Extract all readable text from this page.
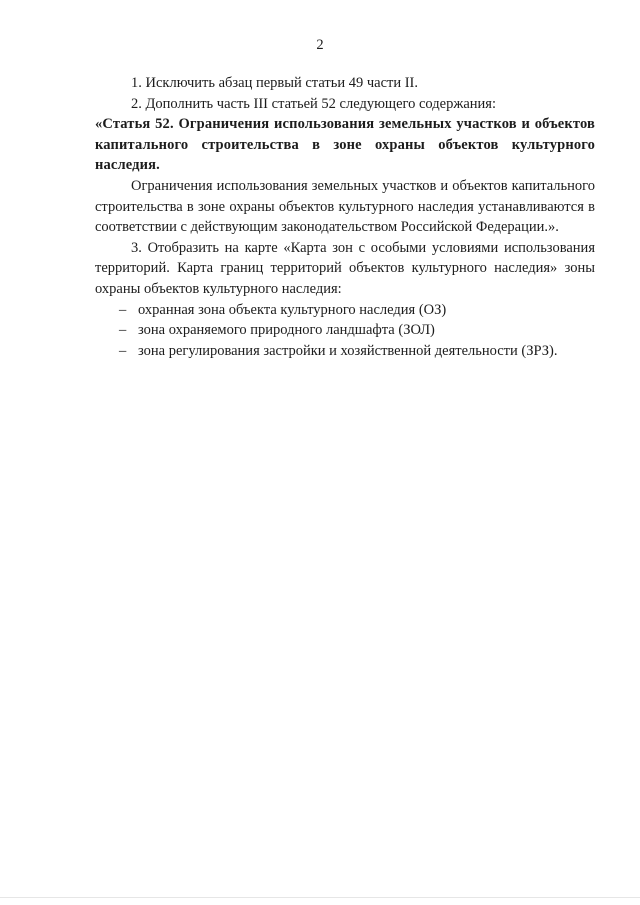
2

1. Исключить абзац первый статьи 49 части II.

2. Дополнить часть III статьей 52 следующего содержания:

«Статья 52. Ограничения использования земельных участков и объектов капитального строительства в зоне охраны объектов культурного наследия.

Ограничения использования земельных участков и объектов капитального строительства в зоне охраны объектов культурного наследия устанавливаются в соответствии с действующим законодательством Российской Федерации.».

3. Отобразить на карте «Карта зон с особыми условиями использования территорий. Карта границ территорий объектов культурного наследия» зоны охраны объектов культурного наследия:

– охранная зона объекта культурного наследия (ОЗ)
– зона охраняемого природного ландшафта (ЗОЛ)
– зона регулирования застройки и хозяйственной деятельности (ЗРЗ).
